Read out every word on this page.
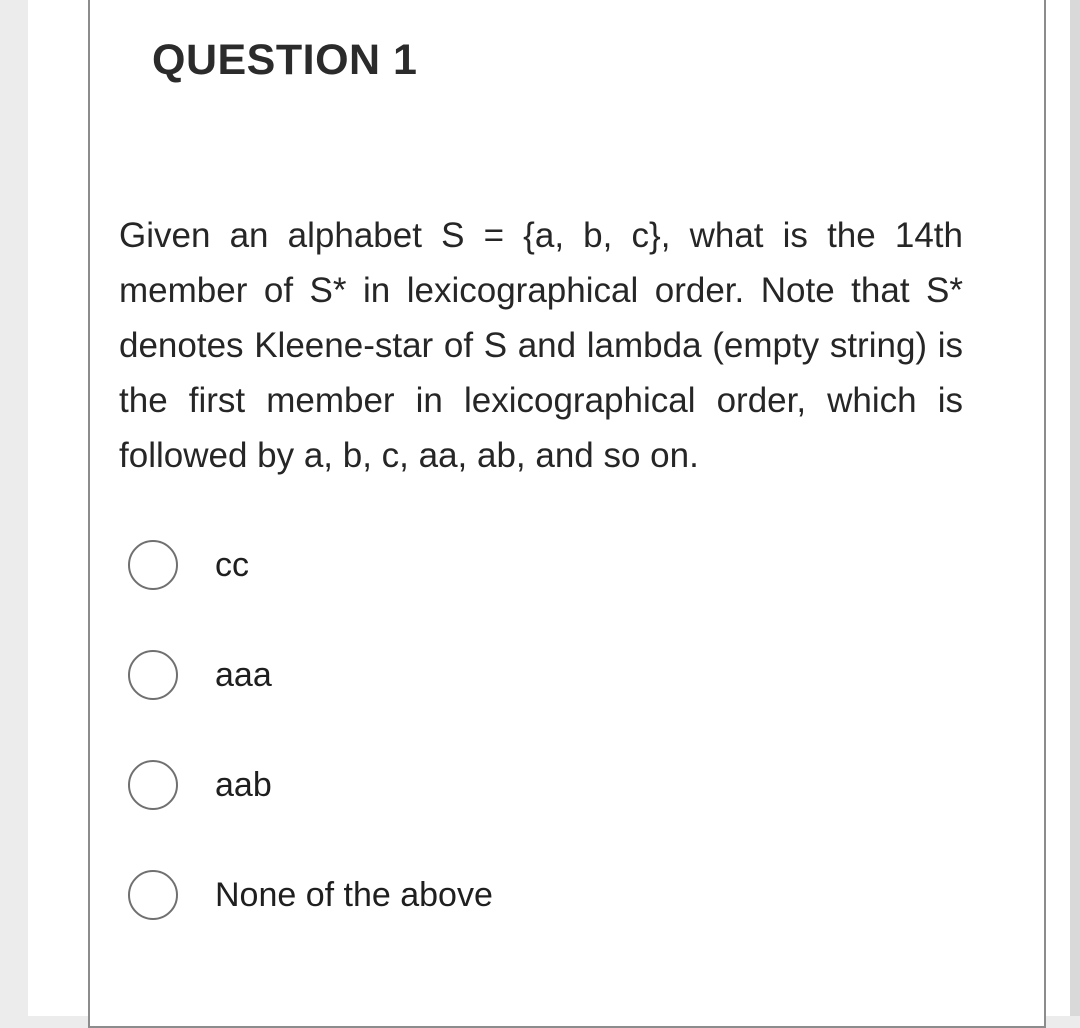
QUESTION 1

Given an alphabet S = {a, b, c}, what is the 14th member of S* in lexicographical order. Note that S* denotes Kleene-star of S and lambda (empty string) is the first member in lexicographical order, which is followed by a, b, c, aa, ab, and so on.

cc
aaa
aab
None of the above
